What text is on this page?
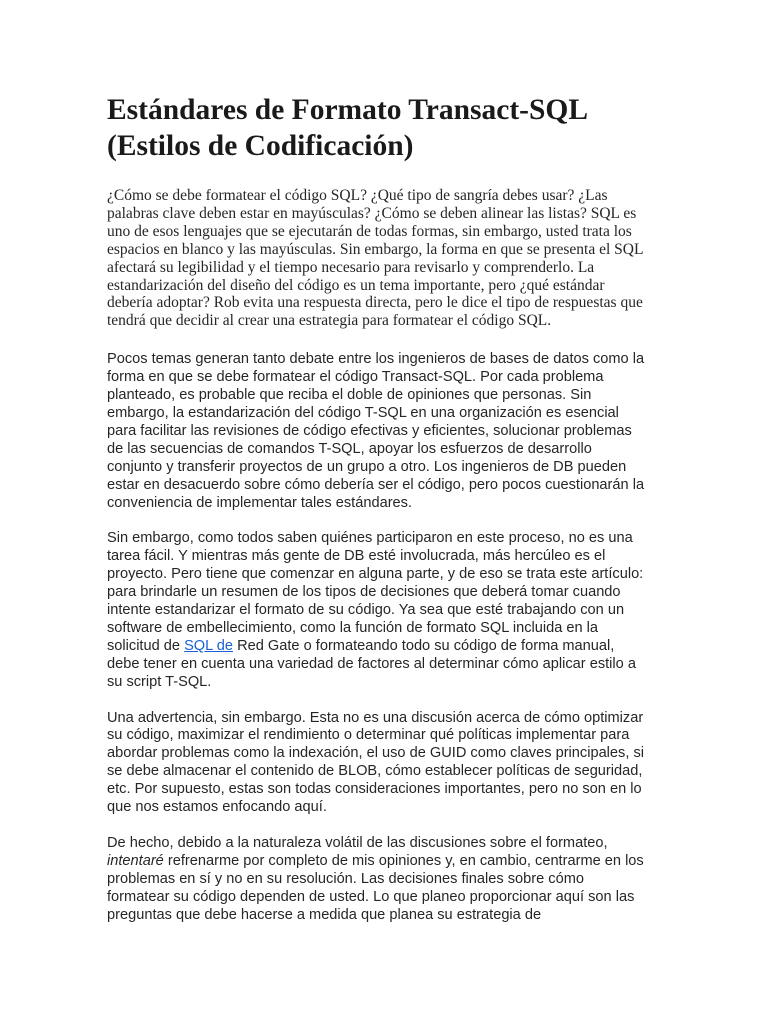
Estándares de Formato Transact-SQL
(Estilos de Codificación)

¿Cómo se debe formatear el código SQL? ¿Qué tipo de sangría debes usar? ¿Las palabras clave deben estar en mayúsculas? ¿Cómo se deben alinear las listas? SQL es uno de esos lenguajes que se ejecutarán de todas formas, sin embargo, usted trata los espacios en blanco y las mayúsculas. Sin embargo, la forma en que se presenta el SQL afectará su legibilidad y el tiempo necesario para revisarlo y comprenderlo. La estandarización del diseño del código es un tema importante, pero ¿qué estándar debería adoptar? Rob evita una respuesta directa, pero le dice el tipo de respuestas que tendrá que decidir al crear una estrategia para formatear el código SQL.

Pocos temas generan tanto debate entre los ingenieros de bases de datos como la forma en que se debe formatear el código Transact-SQL. Por cada problema planteado, es probable que reciba el doble de opiniones que personas. Sin embargo, la estandarización del código T-SQL en una organización es esencial para facilitar las revisiones de código efectivas y eficientes, solucionar problemas de las secuencias de comandos T-SQL, apoyar los esfuerzos de desarrollo conjunto y transferir proyectos de un grupo a otro. Los ingenieros de DB pueden estar en desacuerdo sobre cómo debería ser el código, pero pocos cuestionarán la conveniencia de implementar tales estándares.

Sin embargo, como todos saben quiénes participaron en este proceso, no es una tarea fácil. Y mientras más gente de DB esté involucrada, más hercúleo es el proyecto. Pero tiene que comenzar en alguna parte, y de eso se trata este artículo: para brindarle un resumen de los tipos de decisiones que deberá tomar cuando intente estandarizar el formato de su código. Ya sea que esté trabajando con un software de embellecimiento, como la función de formato SQL incluida en la solicitud de SQL de Red Gate o formateando todo su código de forma manual, debe tener en cuenta una variedad de factores al determinar cómo aplicar estilo a su script T-SQL.

Una advertencia, sin embargo. Esta no es una discusión acerca de cómo optimizar su código, maximizar el rendimiento o determinar qué políticas implementar para abordar problemas como la indexación, el uso de GUID como claves principales, si se debe almacenar el contenido de BLOB, cómo establecer políticas de seguridad, etc. Por supuesto, estas son todas consideraciones importantes, pero no son en lo que nos estamos enfocando aquí.

De hecho, debido a la naturaleza volátil de las discusiones sobre el formateo, intentaré refrenarme por completo de mis opiniones y, en cambio, centrarme en los problemas en sí y no en su resolución. Las decisiones finales sobre cómo formatear su código dependen de usted. Lo que planeo proporcionar aquí son las preguntas que debe hacerse a medida que planea su estrategia de
